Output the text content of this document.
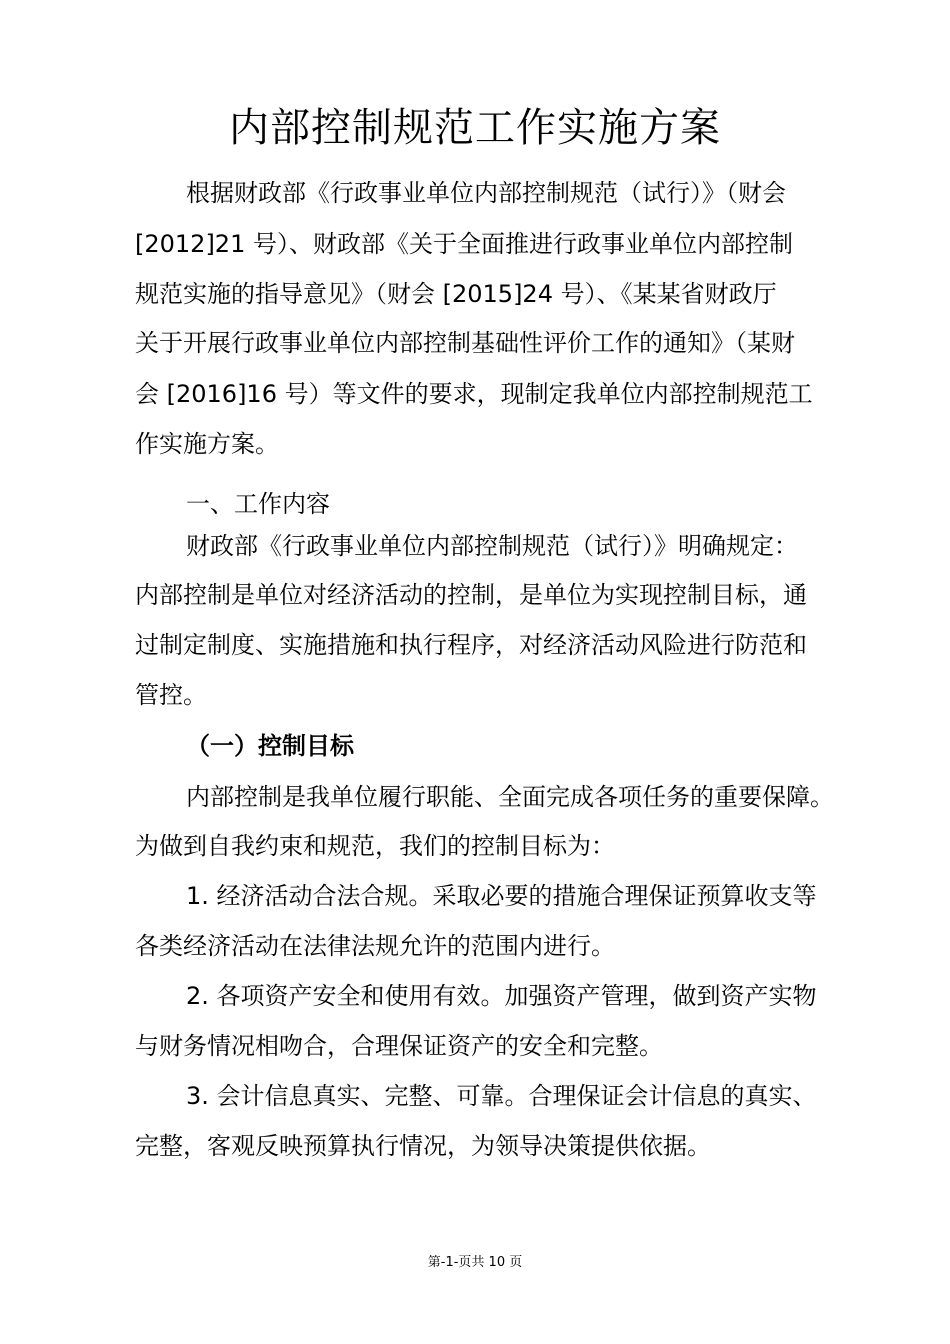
内部控制规范工作实施方案
根据财政部《行政事业单位内部控制规范（试行）》（财会
[2012]21 号）、财政部《关于全面推进行政事业单位内部控制
规范实施的指导意见》（财会 [2015]24 号）、《某某省财政厅
关于开展行政事业单位内部控制基础性评价工作的通知》（某财
会 [2016]16 号）等文件的要求，现制定我单位内部控制规范工
作实施方案。
一、工作内容
财政部《行政事业单位内部控制规范（试行）》明确规定：
内部控制是单位对经济活动的控制，是单位为实现控制目标，通
过制定制度、实施措施和执行程序，对经济活动风险进行防范和
管控。
（一）控制目标
内部控制是我单位履行职能、全面完成各项任务的重要保障。
为做到自我约束和规范，我们的控制目标为：
1. 经济活动合法合规。采取必要的措施合理保证预算收支等
各类经济活动在法律法规允许的范围内进行。
2. 各项资产安全和使用有效。加强资产管理，做到资产实物
与财务情况相吻合，合理保证资产的安全和完整。
3. 会计信息真实、完整、可靠。合理保证会计信息的真实、
完整，客观反映预算执行情况，为领导决策提供依据。
第-1-页共 10 页
